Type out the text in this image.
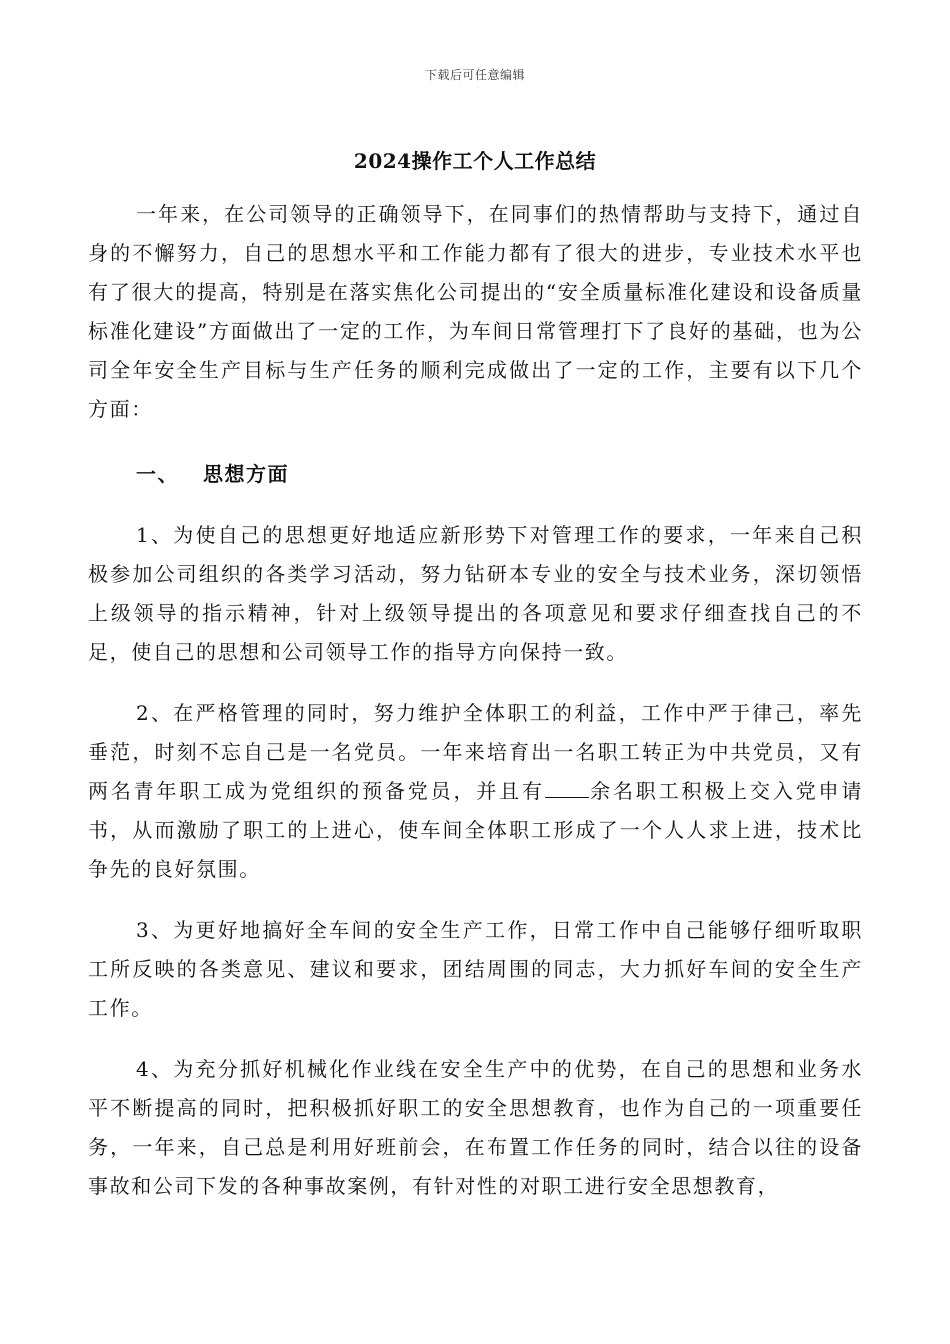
下载后可任意编辑
2024操作工个人工作总结

一年来，在公司领导的正确领导下，在同事们的热情帮助与支持下，通过自身的不懈努力，自己的思想水平和工作能力都有了很大的进步，专业技术水平也有了很大的提高，特别是在落实焦化公司提出的“安全质量标准化建设和设备质量标准化建设”方面做出了一定的工作，为车间日常管理打下了良好的基础，也为公司全年安全生产目标与生产任务的顺利完成做出了一定的工作，主要有以下几个方面：

一、 思想方面

1、为使自己的思想更好地适应新形势下对管理工作的要求，一年来自己积极参加公司组织的各类学习活动，努力钻研本专业的安全与技术业务，深切领悟上级领导的指示精神，针对上级领导提出的各项意见和要求仔细查找自己的不足，使自己的思想和公司领导工作的指导方向保持一致。

2、在严格管理的同时，努力维护全体职工的利益，工作中严于律己，率先垂范，时刻不忘自己是一名党员。一年来培育出一名职工转正为中共党员，又有两名青年职工成为党组织的预备党员，并且有 余名职工积极上交入党申请书，从而激励了职工的上进心，使车间全体职工形成了一个人人求上进，技术比争先的良好氛围。

3、为更好地搞好全车间的安全生产工作，日常工作中自己能够仔细听取职工所反映的各类意见、建议和要求，团结周围的同志，大力抓好车间的安全生产工作。

4、为充分抓好机械化作业线在安全生产中的优势，在自己的思想和业务水平不断提高的同时，把积极抓好职工的安全思想教育，也作为自己的一项重要任务，一年来，自己总是利用好班前会，在布置工作任务的同时，结合以往的设备事故和公司下发的各种事故案例，有针对性的对职工进行安全思想教育，
